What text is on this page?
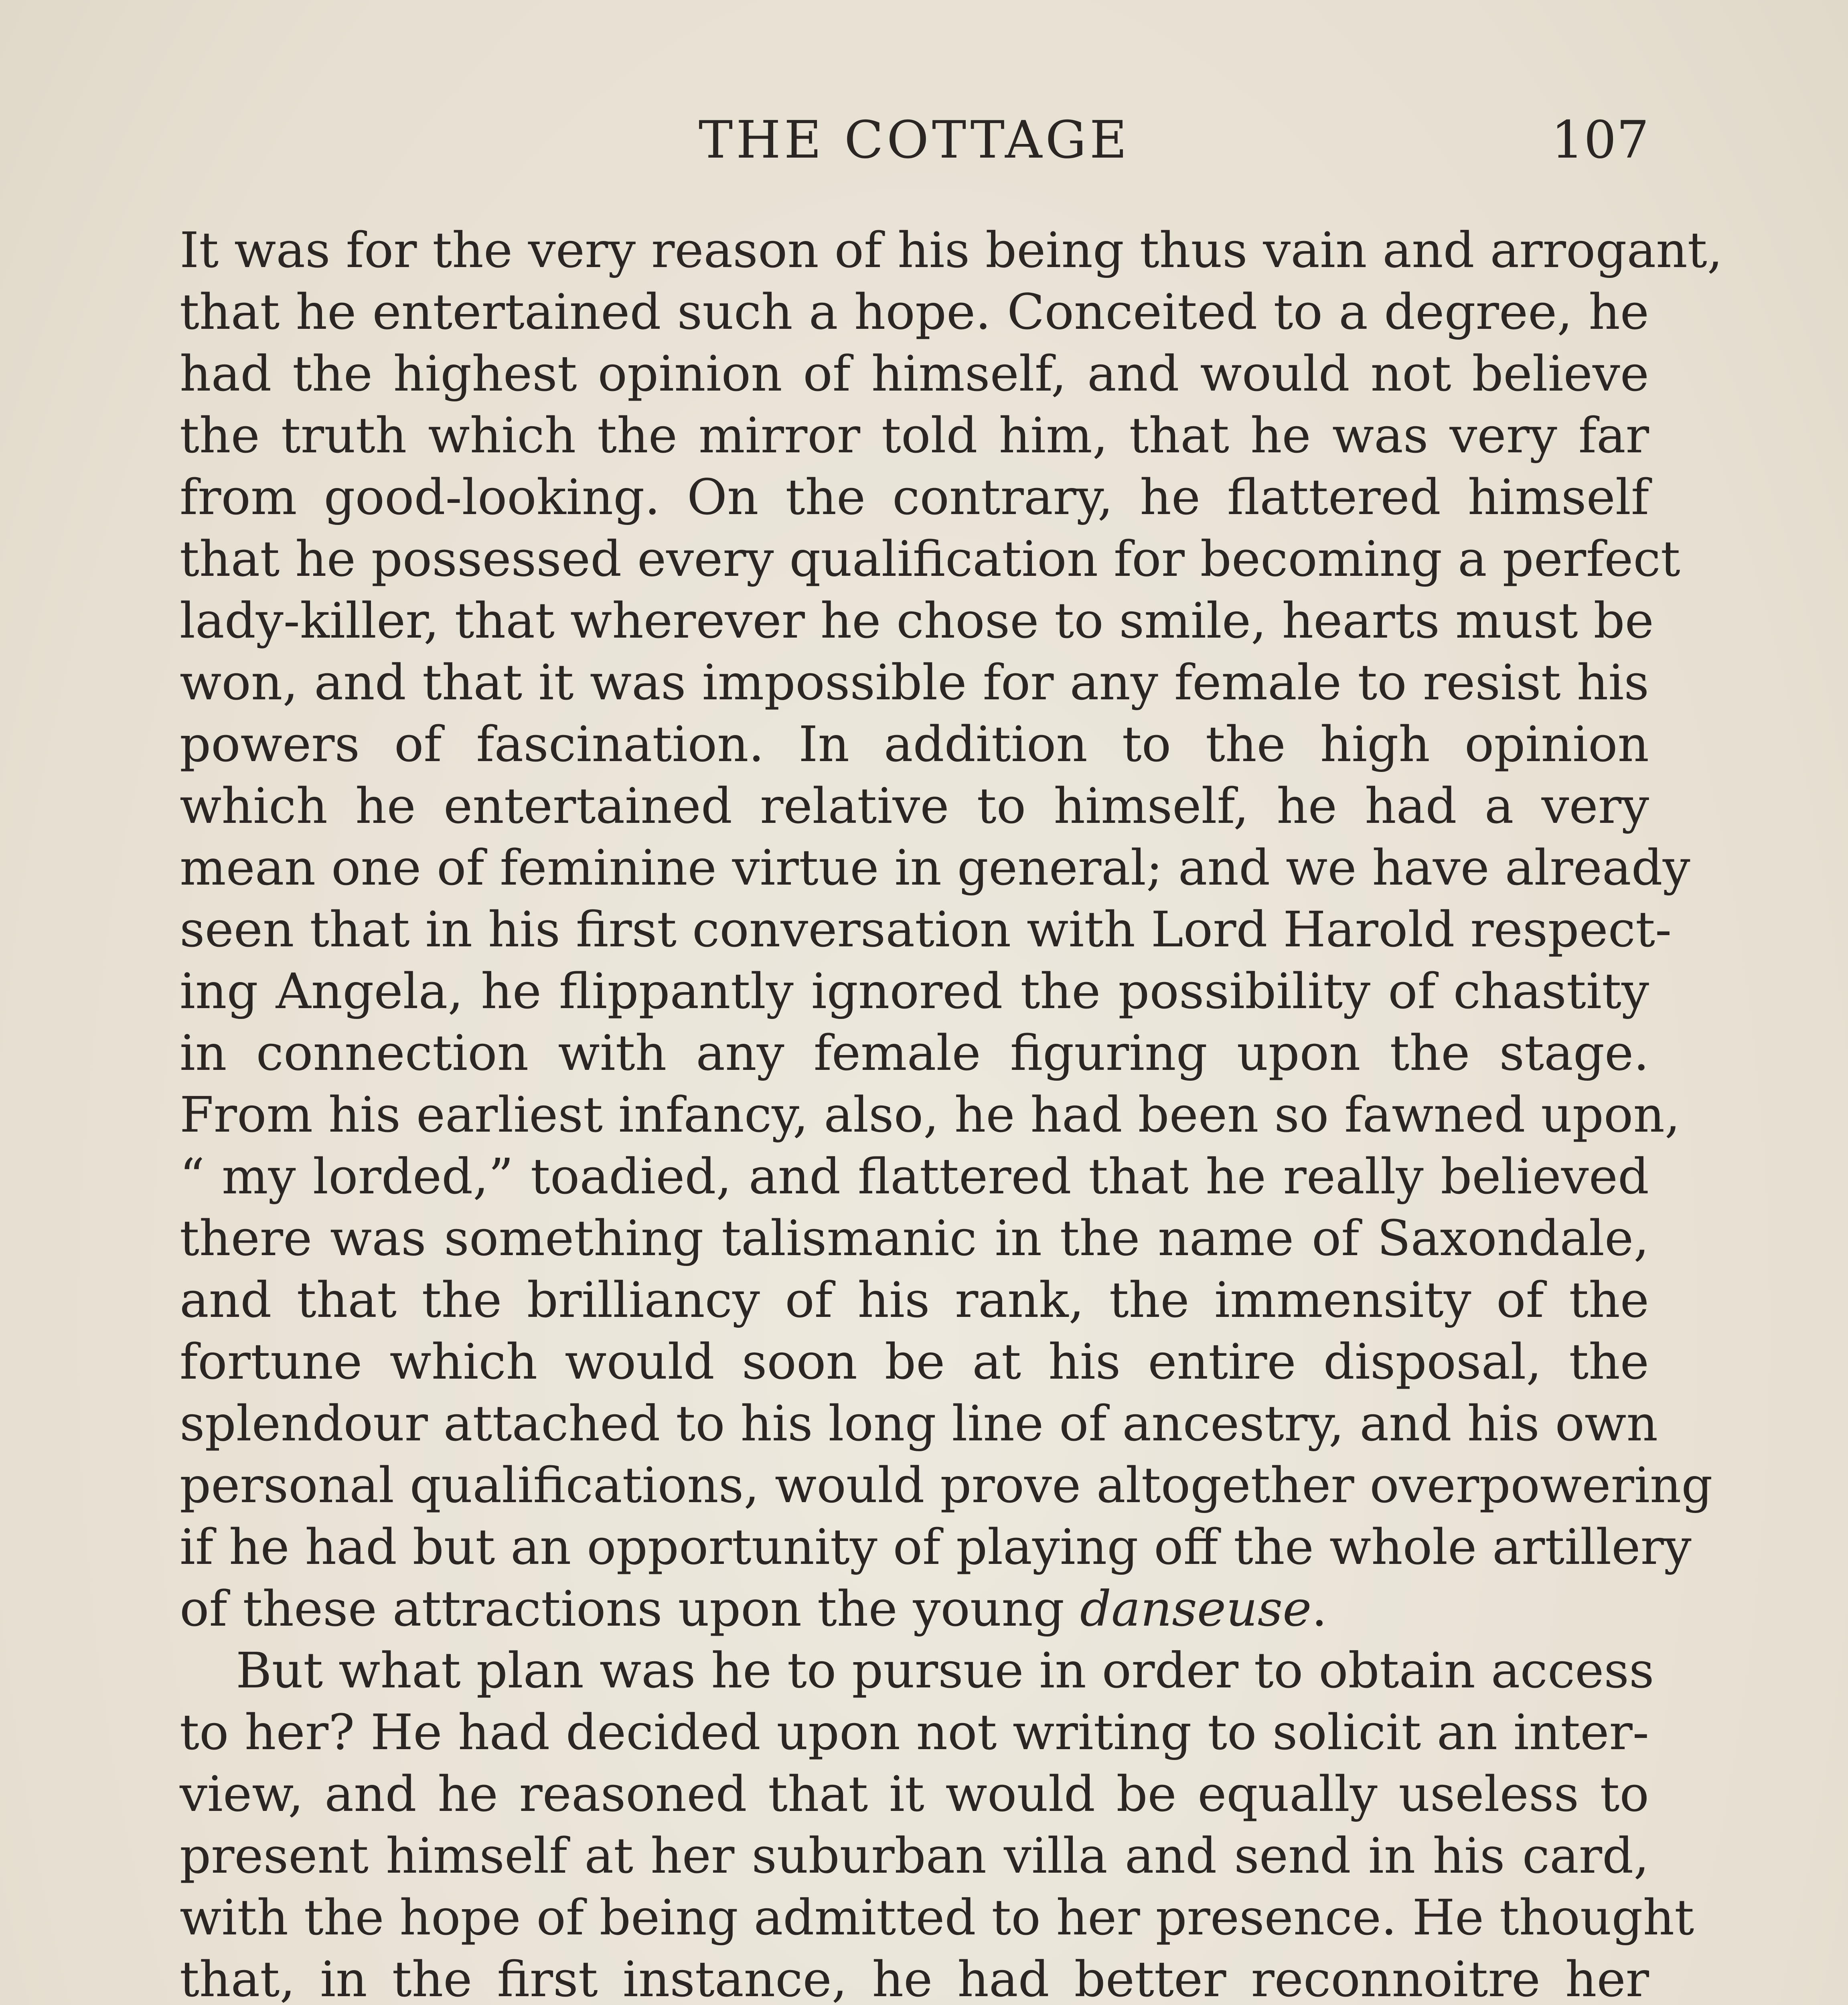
THE COTTAGE	107
It was for the very reason of his being thus vain and arrogant,
that he entertained such a hope. Conceited to a degree, he
had the highest opinion of himself, and would not believe
the truth which the mirror told him, that he was very far
from good-looking. On the contrary, he flattered himself
that he possessed every qualification for becoming a perfect
lady-killer, that wherever he chose to smile, hearts must be
won, and that it was impossible for any female to resist his
powers of fascination. In addition to the high opinion
which he entertained relative to himself, he had a very
mean one of feminine virtue in general; and we have already
seen that in his first conversation with Lord Harold respect-
ing Angela, he flippantly ignored the possibility of chastity
in connection with any female figuring upon the stage.
From his earliest infancy, also, he had been so fawned upon,
“ my lorded,” toadied, and flattered that he really believed
there was something talismanic in the name of Saxondale,
and that the brilliancy of his rank, the immensity of the
fortune which would soon be at his entire disposal, the
splendour attached to his long line of ancestry, and his own
personal qualifications, would prove altogether overpowering
if he had but an opportunity of playing off the whole artillery
of these attractions upon the young danseuse.
But what plan was he to pursue in order to obtain access
to her? He had decided upon not writing to solicit an inter-
view, and he reasoned that it would be equally useless to
present himself at her suburban villa and send in his card,
with the hope of being admitted to her presence. He thought
that, in the first instance, he had better reconnoitre her
